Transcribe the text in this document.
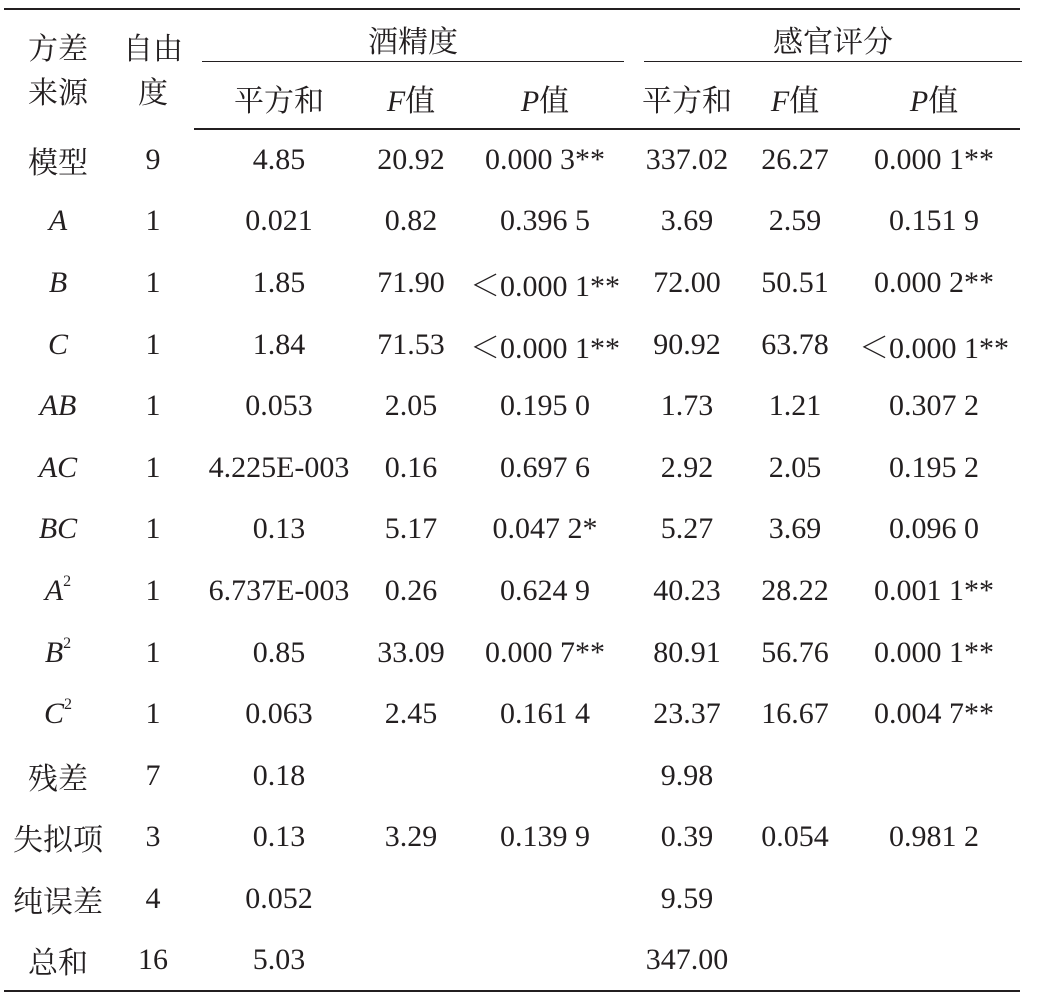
方差
来源	自由
度	酒精度			感官评分		

		平方和	F值	P值	平方和	F值	P值
模型	9	4.85	20.92	0.000 3**	337.02	26.27	0.000 1**
A	1	0.021	0.82	0.396 5	3.69	2.59	0.151 9
B	1	1.85	71.90	＜0.000 1**	72.00	50.51	0.000 2**
C	1	1.84	71.53	＜0.000 1**	90.92	63.78	＜0.000 1**
AB	1	0.053	2.05	0.195 0	1.73	1.21	0.307 2
AC	1	4.225E-003	0.16	0.697 6	2.92	2.05	0.195 2
BC	1	0.13	5.17	0.047 2*	5.27	3.69	0.096 0
$A^2$	1	6.737E-003	0.26	0.624 9	40.23	28.22	0.001 1**
$B^2$	1	0.85	33.09	0.000 7**	80.91	56.76	0.000 1**
$C^2$	1	0.063	2.45	0.161 4	23.37	16.67	0.004 7**
残差	7	0.18			9.98		
失拟项	3	0.13	3.29	0.139 9	0.39	0.054	0.981 2
纯误差	4	0.052			9.59		
总和	16	5.03			347.00		
